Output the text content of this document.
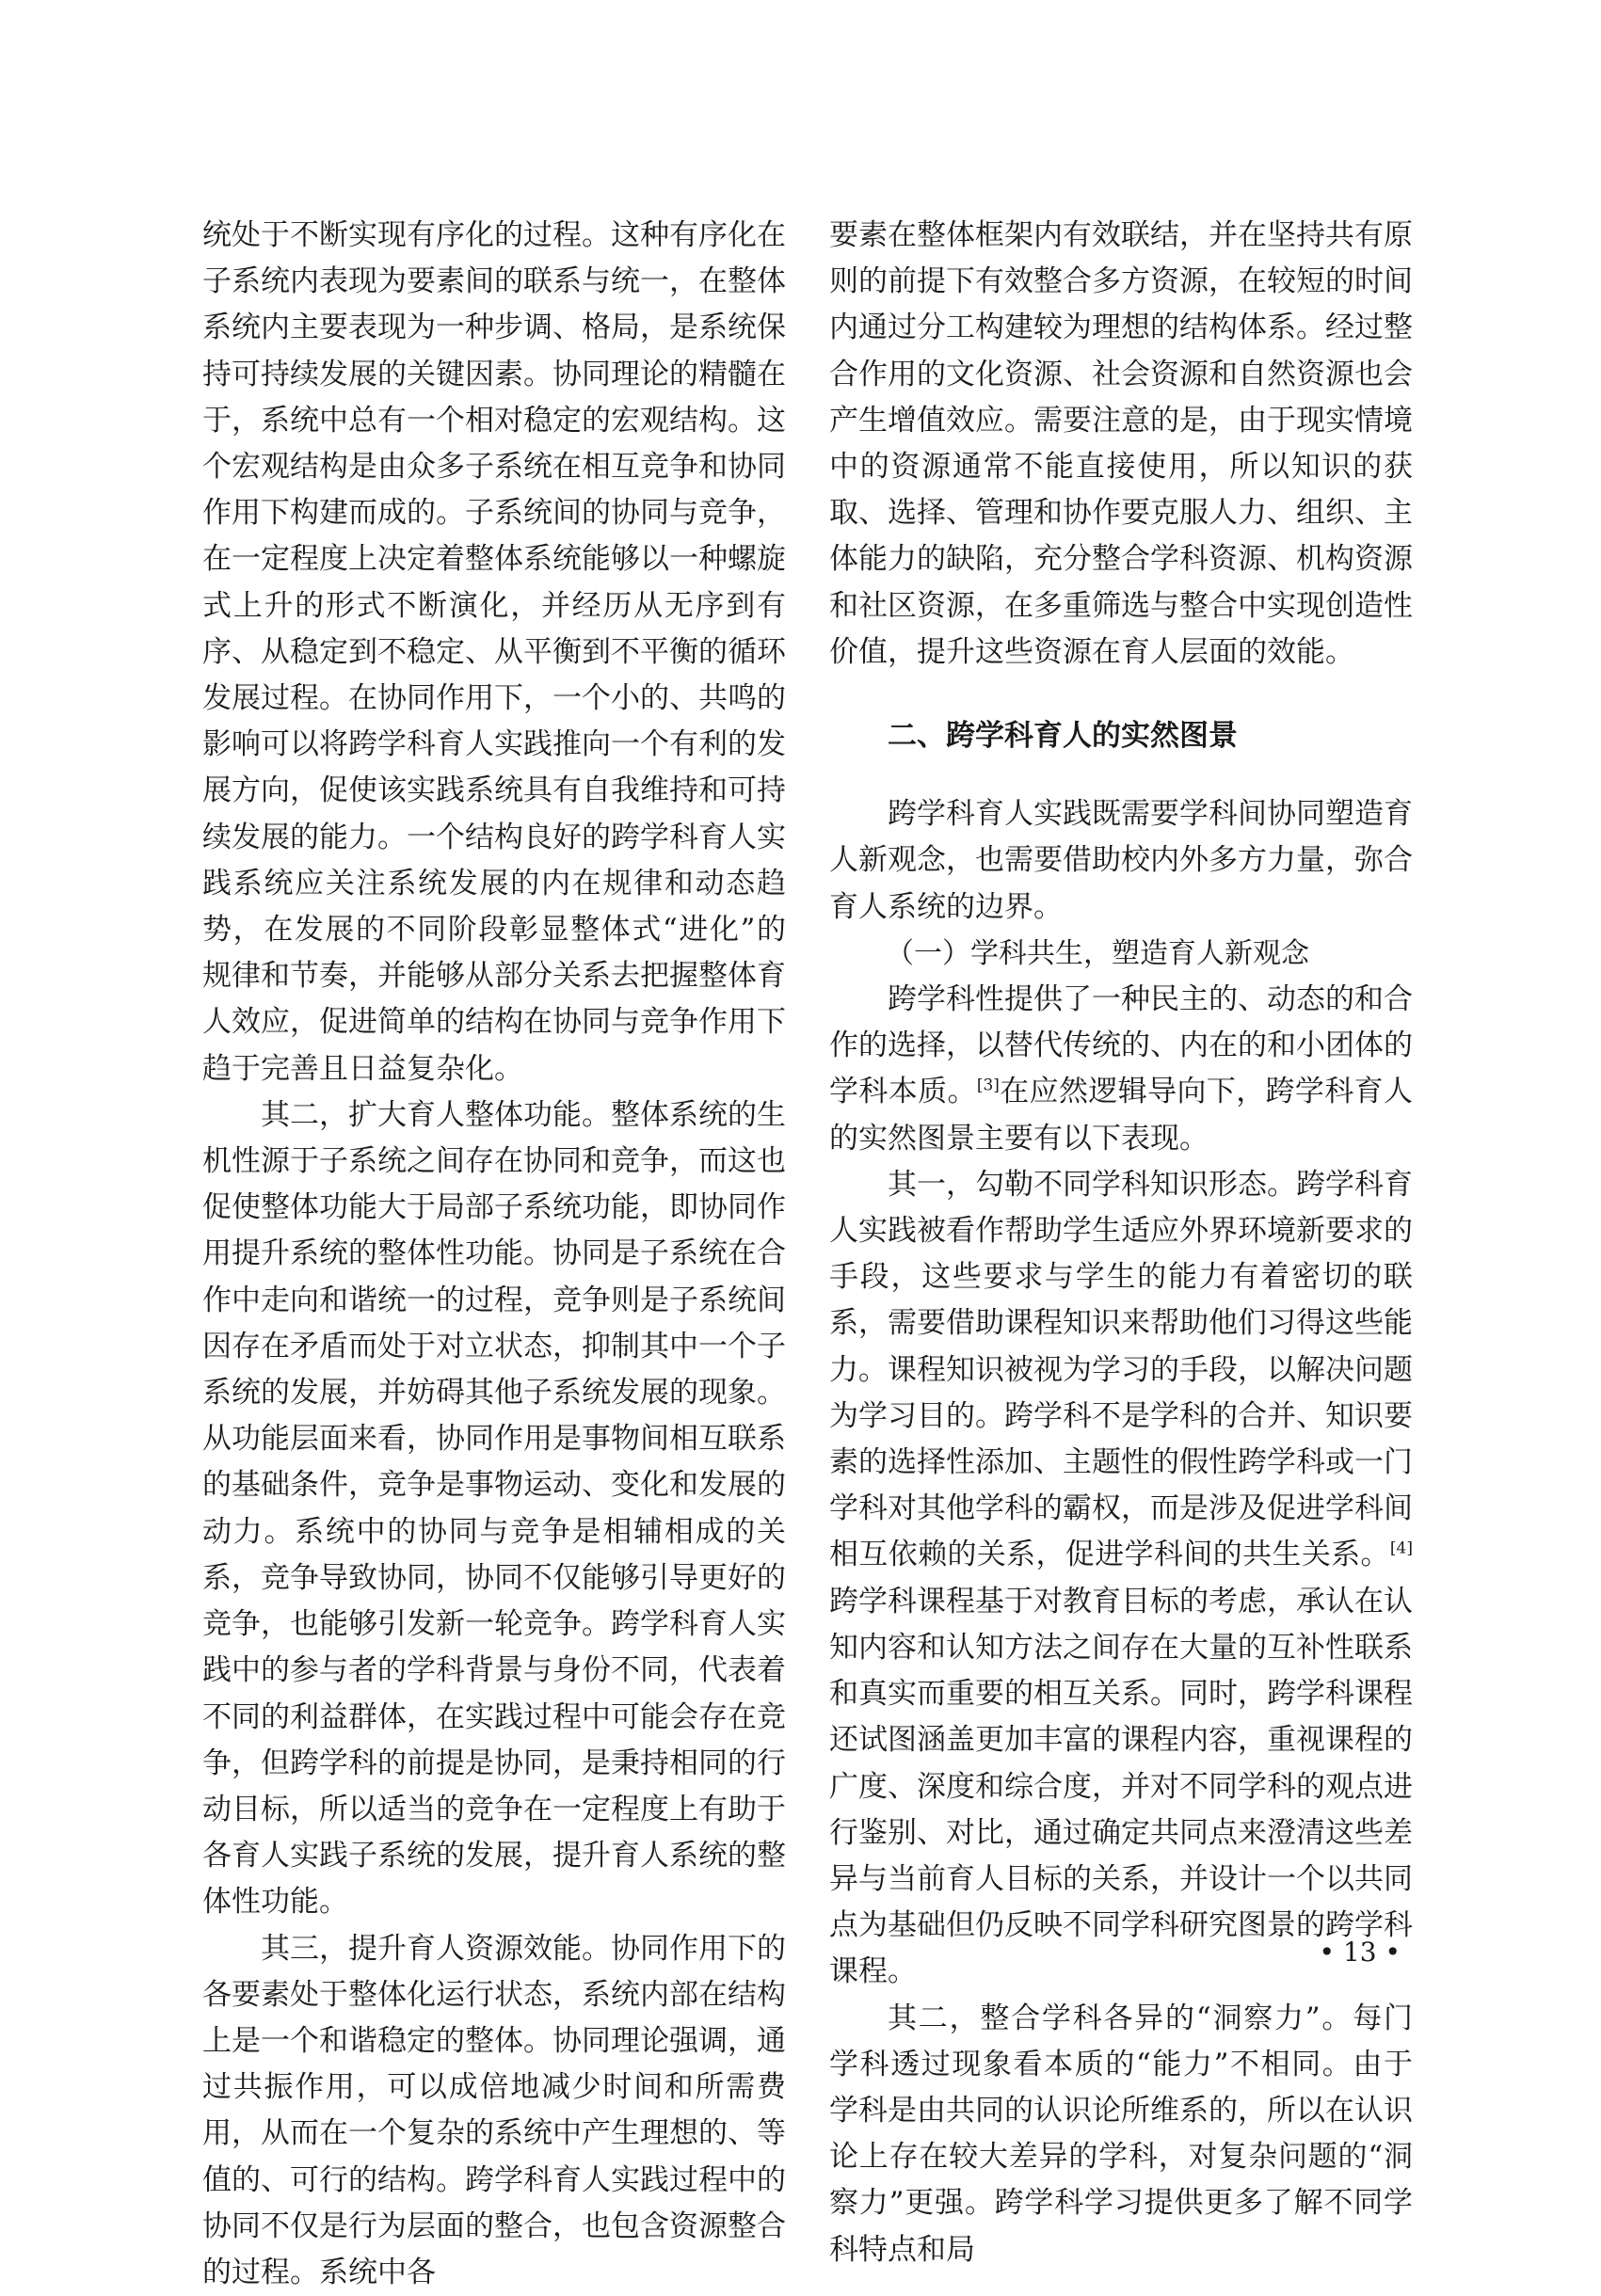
统处于不断实现有序化的过程。这种有序化在子系统内表现为要素间的联系与统一，在整体系统内主要表现为一种步调、格局，是系统保持可持续发展的关键因素。协同理论的精髓在于，系统中总有一个相对稳定的宏观结构。这个宏观结构是由众多子系统在相互竞争和协同作用下构建而成的。子系统间的协同与竞争，在一定程度上决定着整体系统能够以一种螺旋式上升的形式不断演化，并经历从无序到有序、从稳定到不稳定、从平衡到不平衡的循环发展过程。在协同作用下，一个小的、共鸣的影响可以将跨学科育人实践推向一个有利的发展方向，促使该实践系统具有自我维持和可持续发展的能力。一个结构良好的跨学科育人实践系统应关注系统发展的内在规律和动态趋势，在发展的不同阶段彰显整体式“进化”的规律和节奏，并能够从部分关系去把握整体育人效应，促进简单的结构在协同与竞争作用下趋于完善且日益复杂化。

其二，扩大育人整体功能。整体系统的生机性源于子系统之间存在协同和竞争，而这也促使整体功能大于局部子系统功能，即协同作用提升系统的整体性功能。协同是子系统在合作中走向和谐统一的过程，竞争则是子系统间因存在矛盾而处于对立状态，抑制其中一个子系统的发展，并妨碍其他子系统发展的现象。从功能层面来看，协同作用是事物间相互联系的基础条件，竞争是事物运动、变化和发展的动力。系统中的协同与竞争是相辅相成的关系，竞争导致协同，协同不仅能够引导更好的竞争，也能够引发新一轮竞争。跨学科育人实践中的参与者的学科背景与身份不同，代表着不同的利益群体，在实践过程中可能会存在竞争，但跨学科的前提是协同，是秉持相同的行动目标，所以适当的竞争在一定程度上有助于各育人实践子系统的发展，提升育人系统的整体性功能。

其三，提升育人资源效能。协同作用下的各要素处于整体化运行状态，系统内部在结构上是一个和谐稳定的整体。协同理论强调，通过共振作用，可以成倍地减少时间和所需费用，从而在一个复杂的系统中产生理想的、等值的、可行的结构。跨学科育人实践过程中的协同不仅是行为层面的整合，也包含资源整合的过程。系统中各

要素在整体框架内有效联结，并在坚持共有原则的前提下有效整合多方资源，在较短的时间内通过分工构建较为理想的结构体系。经过整合作用的文化资源、社会资源和自然资源也会产生增值效应。需要注意的是，由于现实情境中的资源通常不能直接使用，所以知识的获取、选择、管理和协作要克服人力、组织、主体能力的缺陷，充分整合学科资源、机构资源和社区资源，在多重筛选与整合中实现创造性价值，提升这些资源在育人层面的效能。

二、跨学科育人的实然图景

跨学科育人实践既需要学科间协同塑造育人新观念，也需要借助校内外多方力量，弥合育人系统的边界。

（一）学科共生，塑造育人新观念

跨学科性提供了一种民主的、动态的和合作的选择，以替代传统的、内在的和小团体的学科本质。[3]在应然逻辑导向下，跨学科育人的实然图景主要有以下表现。

其一，勾勒不同学科知识形态。跨学科育人实践被看作帮助学生适应外界环境新要求的手段，这些要求与学生的能力有着密切的联系，需要借助课程知识来帮助他们习得这些能力。课程知识被视为学习的手段，以解决问题为学习目的。跨学科不是学科的合并、知识要素的选择性添加、主题性的假性跨学科或一门学科对其他学科的霸权，而是涉及促进学科间相互依赖的关系，促进学科间的共生关系。[4]跨学科课程基于对教育目标的考虑，承认在认知内容和认知方法之间存在大量的互补性联系和真实而重要的相互关系。同时，跨学科课程还试图涵盖更加丰富的课程内容，重视课程的广度、深度和综合度，并对不同学科的观点进行鉴别、对比，通过确定共同点来澄清这些差异与当前育人目标的关系，并设计一个以共同点为基础但仍反映不同学科研究图景的跨学科课程。

其二，整合学科各异的“洞察力”。每门学科透过现象看本质的“能力”不相同。由于学科是由共同的认识论所维系的，所以在认识论上存在较大差异的学科，对复杂问题的“洞察力”更强。跨学科学习提供更多了解不同学科特点和局

• 13 •
